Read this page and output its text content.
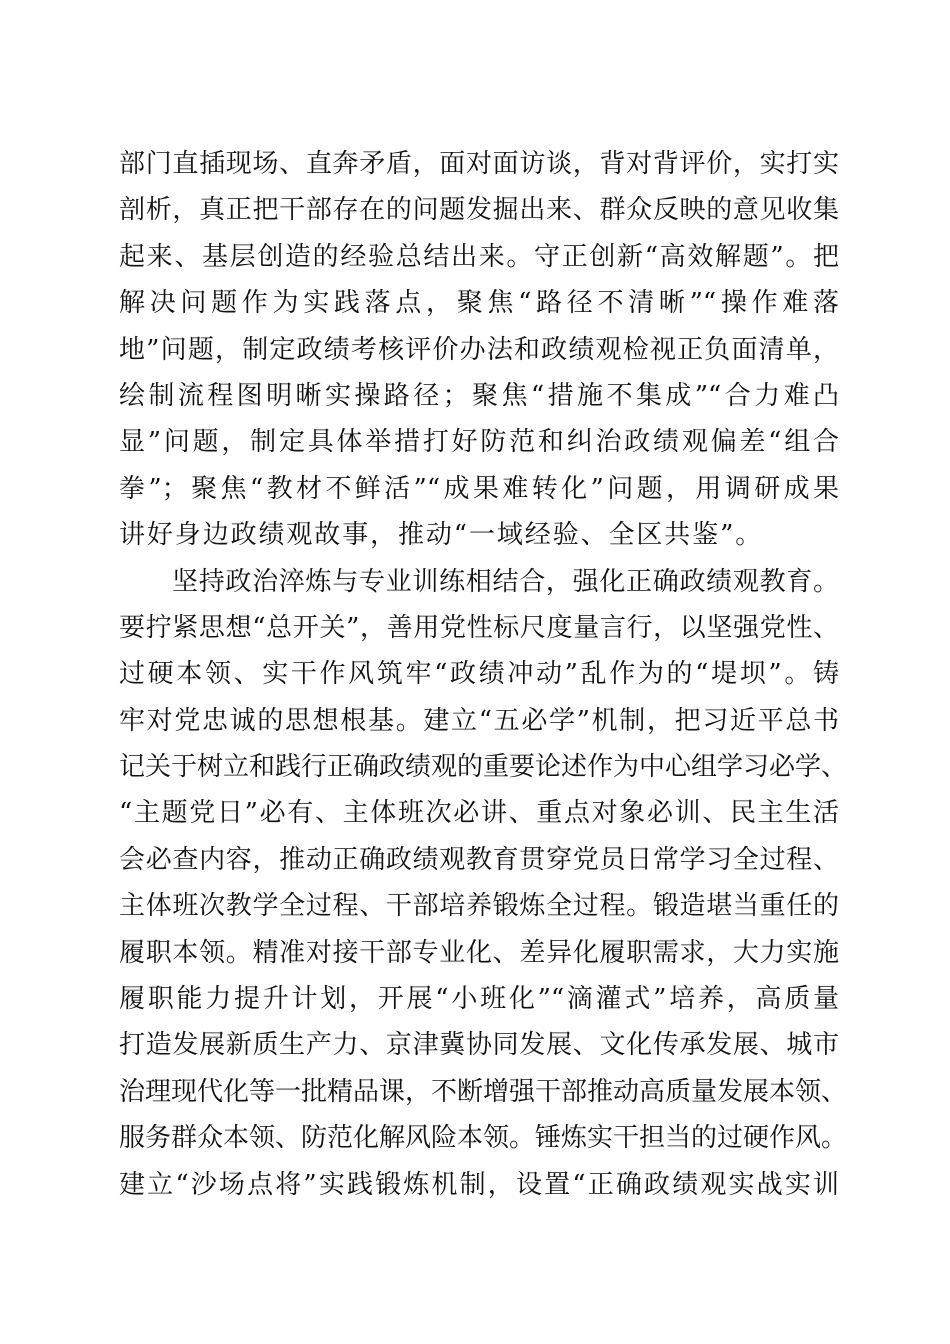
部门直插现场、直奔矛盾，面对面访谈，背对背评价，实打实
剖析，真正把干部存在的问题发掘出来、群众反映的意见收集
起来、基层创造的经验总结出来。守正创新“高效解题”。把
解决问题作为实践落点，聚焦“路径不清晰”“操作难落
地”问题，制定政绩考核评价办法和政绩观检视正负面清单，
绘制流程图明晰实操路径；聚焦“措施不集成”“合力难凸
显”问题，制定具体举措打好防范和纠治政绩观偏差“组合
拳”；聚焦“教材不鲜活”“成果难转化”问题，用调研成果
讲好身边政绩观故事，推动“一域经验、全区共鉴”。
坚持政治淬炼与专业训练相结合，强化正确政绩观教育。
要拧紧思想“总开关”，善用党性标尺度量言行，以坚强党性、
过硬本领、实干作风筑牢“政绩冲动”乱作为的“堤坝”。铸
牢对党忠诚的思想根基。建立“五必学”机制，把习近平总书
记关于树立和践行正确政绩观的重要论述作为中心组学习必学、
“主题党日”必有、主体班次必讲、重点对象必训、民主生活
会必查内容，推动正确政绩观教育贯穿党员日常学习全过程、
主体班次教学全过程、干部培养锻炼全过程。锻造堪当重任的
履职本领。精准对接干部专业化、差异化履职需求，大力实施
履职能力提升计划，开展“小班化”“滴灌式”培养，高质量
打造发展新质生产力、京津冀协同发展、文化传承发展、城市
治理现代化等一批精品课，不断增强干部推动高质量发展本领、
服务群众本领、防范化解风险本领。锤炼实干担当的过硬作风。
建立“沙场点将”实践锻炼机制，设置“正确政绩观实战实训
